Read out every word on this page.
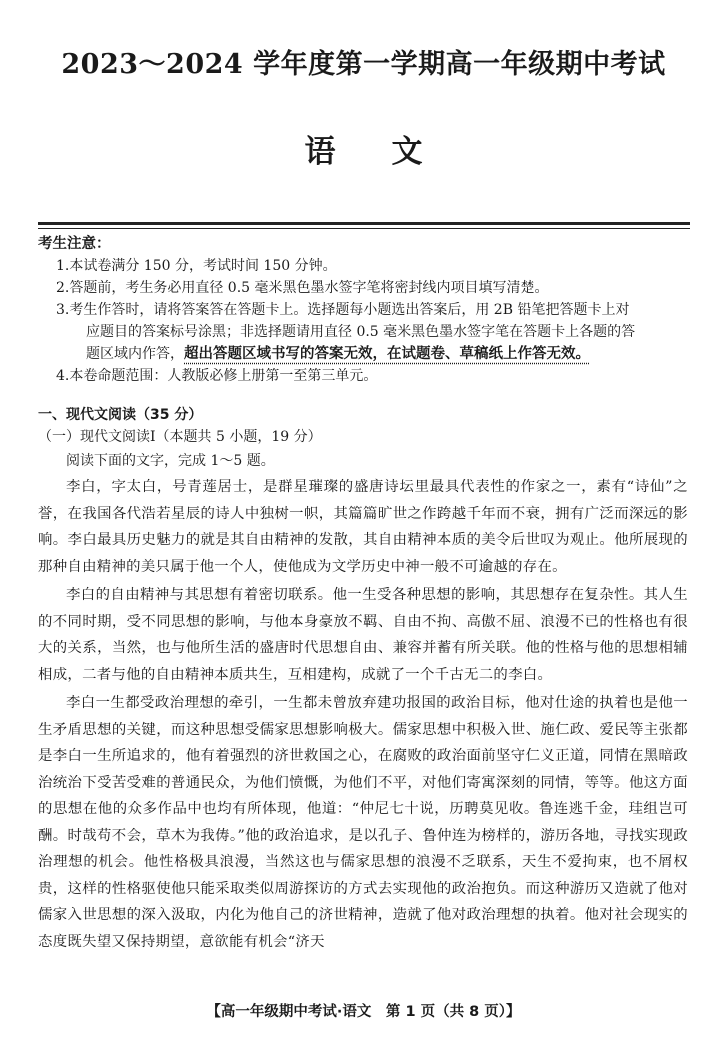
2023～2024 学年度第一学期高一年级期中考试
语文
考生注意：
1.本试卷满分 150 分，考试时间 150 分钟。
2.答题前，考生务必用直径 0.5 毫米黑色墨水签字笔将密封线内项目填写清楚。
3.考生作答时，请将答案答在答题卡上。选择题每小题选出答案后，用 2B 铅笔把答题卡上对
应题目的答案标号涂黑；非选择题请用直径 0.5 毫米黑色墨水签字笔在答题卡上各题的答
题区域内作答，超出答题区域书写的答案无效，在试题卷、草稿纸上作答无效。
4.本卷命题范围：人教版必修上册第一至第三单元。
一、现代文阅读（35 分）
（一）现代文阅读Ⅰ（本题共 5 小题，19 分）
阅读下面的文字，完成 1～5 题。
李白，字太白，号青莲居士，是群星璀璨的盛唐诗坛里最具代表性的作家之一，素有“诗仙”之誉，在我国各代浩若星辰的诗人中独树一帜，其篇篇旷世之作跨越千年而不衰，拥有广泛而深远的影响。李白最具历史魅力的就是其自由精神的发散，其自由精神本质的美令后世叹为观止。他所展现的那种自由精神的美只属于他一个人，使他成为文学历史中神一般不可逾越的存在。
李白的自由精神与其思想有着密切联系。他一生受各种思想的影响，其思想存在复杂性。其人生的不同时期，受不同思想的影响，与他本身豪放不羁、自由不拘、高傲不屈、浪漫不已的性格也有很大的关系，当然，也与他所生活的盛唐时代思想自由、兼容并蓄有所关联。他的性格与他的思想相辅相成，二者与他的自由精神本质共生，互相建构，成就了一个千古无二的李白。
李白一生都受政治理想的牵引，一生都未曾放弃建功报国的政治目标，他对仕途的执着也是他一生矛盾思想的关键，而这种思想受儒家思想影响极大。儒家思想中积极入世、施仁政、爱民等主张都是李白一生所追求的，他有着强烈的济世救国之心，在腐败的政治面前坚守仁义正道，同情在黑暗政治统治下受苦受难的普通民众，为他们愤慨，为他们不平，对他们寄寓深刻的同情，等等。他这方面的思想在他的众多作品中也均有所体现，他道：“仲尼七十说，历聘莫见收。鲁连逃千金，珪组岂可酬。时哉苟不会，草木为我俦。”他的政治追求，是以孔子、鲁仲连为榜样的，游历各地，寻找实现政治理想的机会。他性格极具浪漫，当然这也与儒家思想的浪漫不乏联系，天生不爱拘束，也不屑权贵，这样的性格驱使他只能采取类似周游探访的方式去实现他的政治抱负。而这种游历又造就了他对儒家入世思想的深入汲取，内化为他自己的济世精神，造就了他对政治理想的执着。他对社会现实的态度既失望又保持期望，意欲能有机会“济天
【高一年级期中考试·语文　第 1 页（共 8 页）】
